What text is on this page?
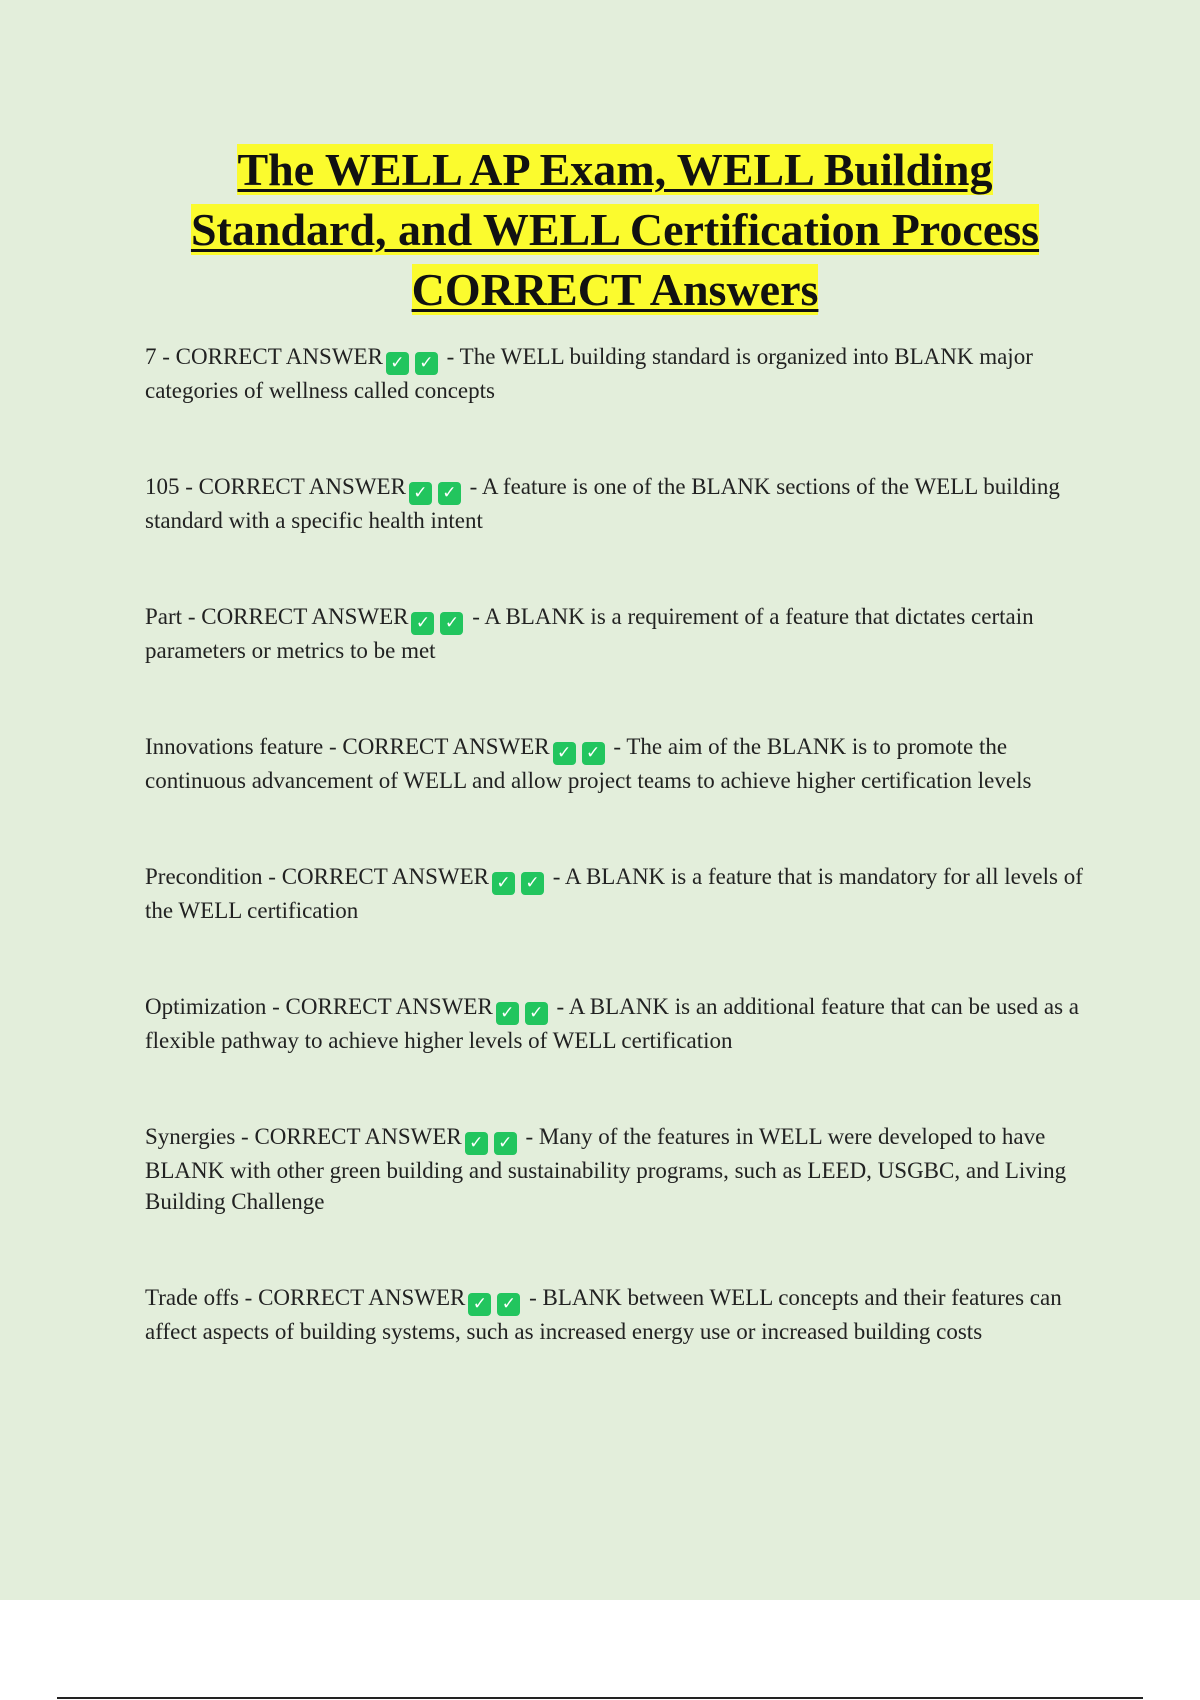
The WELL AP Exam, WELL Building Standard, and WELL Certification Process CORRECT Answers

7 - CORRECT ANSWER ✓ ✓ - The WELL building standard is organized into BLANK major categories of wellness called concepts

105 - CORRECT ANSWER ✓ ✓ - A feature is one of the BLANK sections of the WELL building standard with a specific health intent

Part - CORRECT ANSWER ✓ ✓ - A BLANK is a requirement of a feature that dictates certain parameters or metrics to be met

Innovations feature - CORRECT ANSWER ✓ ✓ - The aim of the BLANK is to promote the continuous advancement of WELL and allow project teams to achieve higher certification levels

Precondition - CORRECT ANSWER ✓ ✓ - A BLANK is a feature that is mandatory for all levels of the WELL certification

Optimization - CORRECT ANSWER ✓ ✓ - A BLANK is an additional feature that can be used as a flexible pathway to achieve higher levels of WELL certification

Synergies - CORRECT ANSWER ✓ ✓ - Many of the features in WELL were developed to have BLANK with other green building and sustainability programs, such as LEED, USGBC, and Living Building Challenge

Trade offs - CORRECT ANSWER ✓ ✓ - BLANK between WELL concepts and their features can affect aspects of building systems, such as increased energy use or increased building costs
